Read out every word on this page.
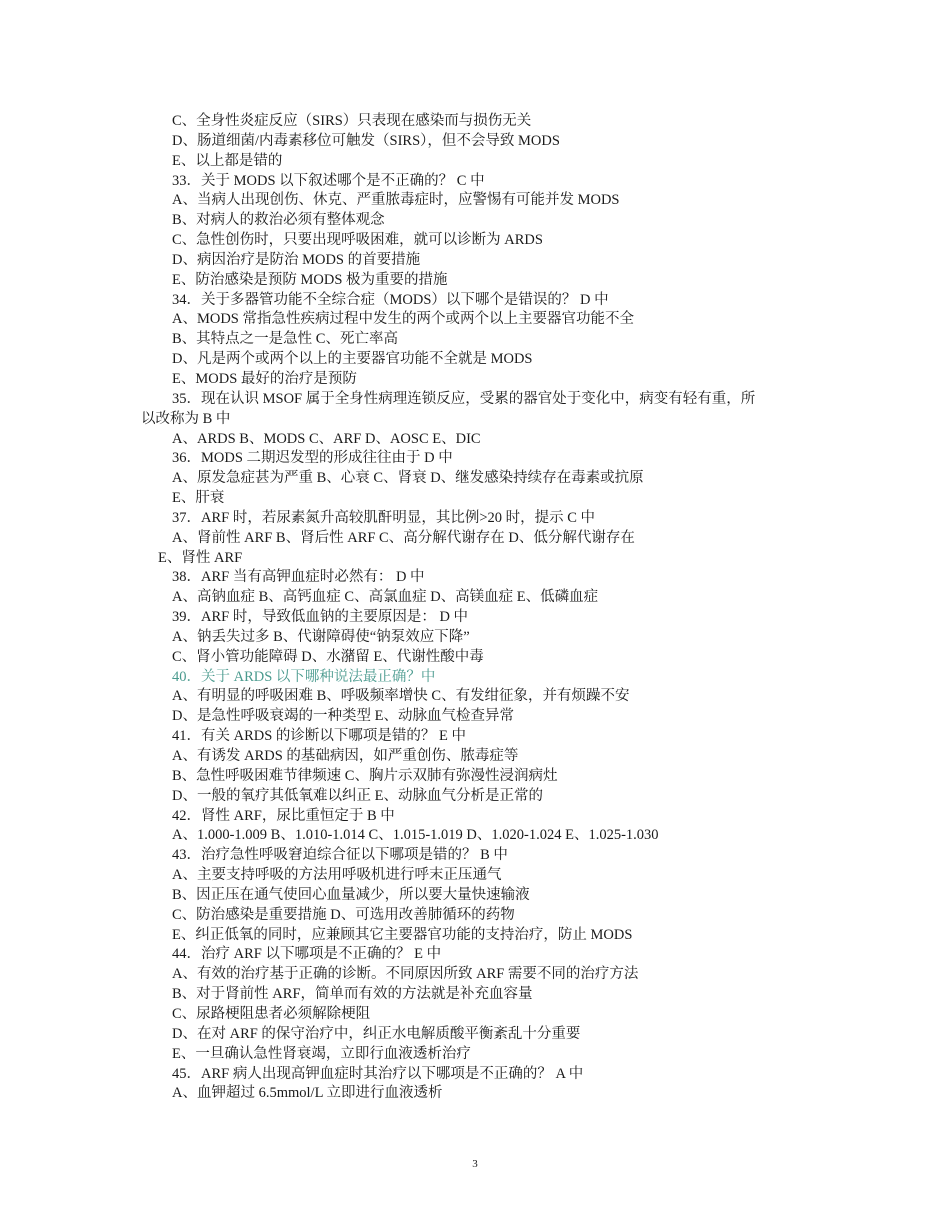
C、全身性炎症反应（SIRS）只表现在感染而与损伤无关
D、肠道细菌/内毒素移位可触发（SIRS），但不会导致 MODS
E、以上都是错的
33．关于 MODS 以下叙述哪个是不正确的？ C 中
A、当病人出现创伤、休克、严重脓毒症时，应警惕有可能并发 MODS
B、对病人的救治必须有整体观念
C、急性创伤时，只要出现呼吸困难，就可以诊断为 ARDS
D、病因治疗是防治 MODS 的首要措施
E、防治感染是预防 MODS 极为重要的措施
34．关于多器管功能不全综合症（MODS）以下哪个是错误的？ D 中
A、MODS 常指急性疾病过程中发生的两个或两个以上主要器官功能不全
B、其特点之一是急性 C、死亡率高
D、凡是两个或两个以上的主要器官功能不全就是 MODS
E、MODS 最好的治疗是预防
35．现在认识 MSOF 属于全身性病理连锁反应，受累的器官处于变化中，病变有轻有重，所
以改称为 B 中
A、ARDS B、MODS C、ARF D、AOSC E、DIC
36．MODS 二期迟发型的形成往往由于 D 中
A、原发急症甚为严重 B、心衰 C、肾衰 D、继发感染持续存在毒素或抗原
E、肝衰
37．ARF 时，若尿素氮升高较肌酐明显，其比例>20 时，提示 C 中
A、肾前性 ARF B、肾后性 ARF C、高分解代谢存在 D、低分解代谢存在
E、肾性 ARF
38．ARF 当有高钾血症时必然有： D 中
A、高钠血症 B、高钙血症 C、高氯血症 D、高镁血症 E、低磷血症
39．ARF 时，导致低血钠的主要原因是： D 中
A、钠丢失过多 B、代谢障碍使“钠泵效应下降”
C、肾小管功能障碍 D、水潴留 E、代谢性酸中毒
40．关于 ARDS 以下哪种说法最正确？中
A、有明显的呼吸困难 B、呼吸频率增快 C、有发绀征象，并有烦躁不安
D、是急性呼吸衰竭的一种类型 E、动脉血气检查异常
41．有关 ARDS 的诊断以下哪项是错的？ E 中
A、有诱发 ARDS 的基础病因，如严重创伤、脓毒症等
B、急性呼吸困难节律频速 C、胸片示双肺有弥漫性浸润病灶
D、一般的氧疗其低氧难以纠正 E、动脉血气分析是正常的
42．肾性 ARF，尿比重恒定于 B 中
A、1.000-1.009 B、1.010-1.014 C、1.015-1.019 D、1.020-1.024 E、1.025-1.030
43．治疗急性呼吸窘迫综合征以下哪项是错的？ B 中
A、主要支持呼吸的方法用呼吸机进行呼末正压通气
B、因正压在通气使回心血量减少，所以要大量快速输液
C、防治感染是重要措施 D、可选用改善肺循环的药物
E、纠正低氧的同时，应兼顾其它主要器官功能的支持治疗，防止 MODS
44．治疗 ARF 以下哪项是不正确的？ E 中
A、有效的治疗基于正确的诊断。不同原因所致 ARF 需要不同的治疗方法
B、对于肾前性 ARF，简单而有效的方法就是补充血容量
C、尿路梗阻患者必须解除梗阻
D、在对 ARF 的保守治疗中，纠正水电解质酸平衡紊乱十分重要
E、一旦确认急性肾衰竭，立即行血液透析治疗
45．ARF 病人出现高钾血症时其治疗以下哪项是不正确的？ A 中
A、血钾超过 6.5mmol/L 立即进行血液透析
3
